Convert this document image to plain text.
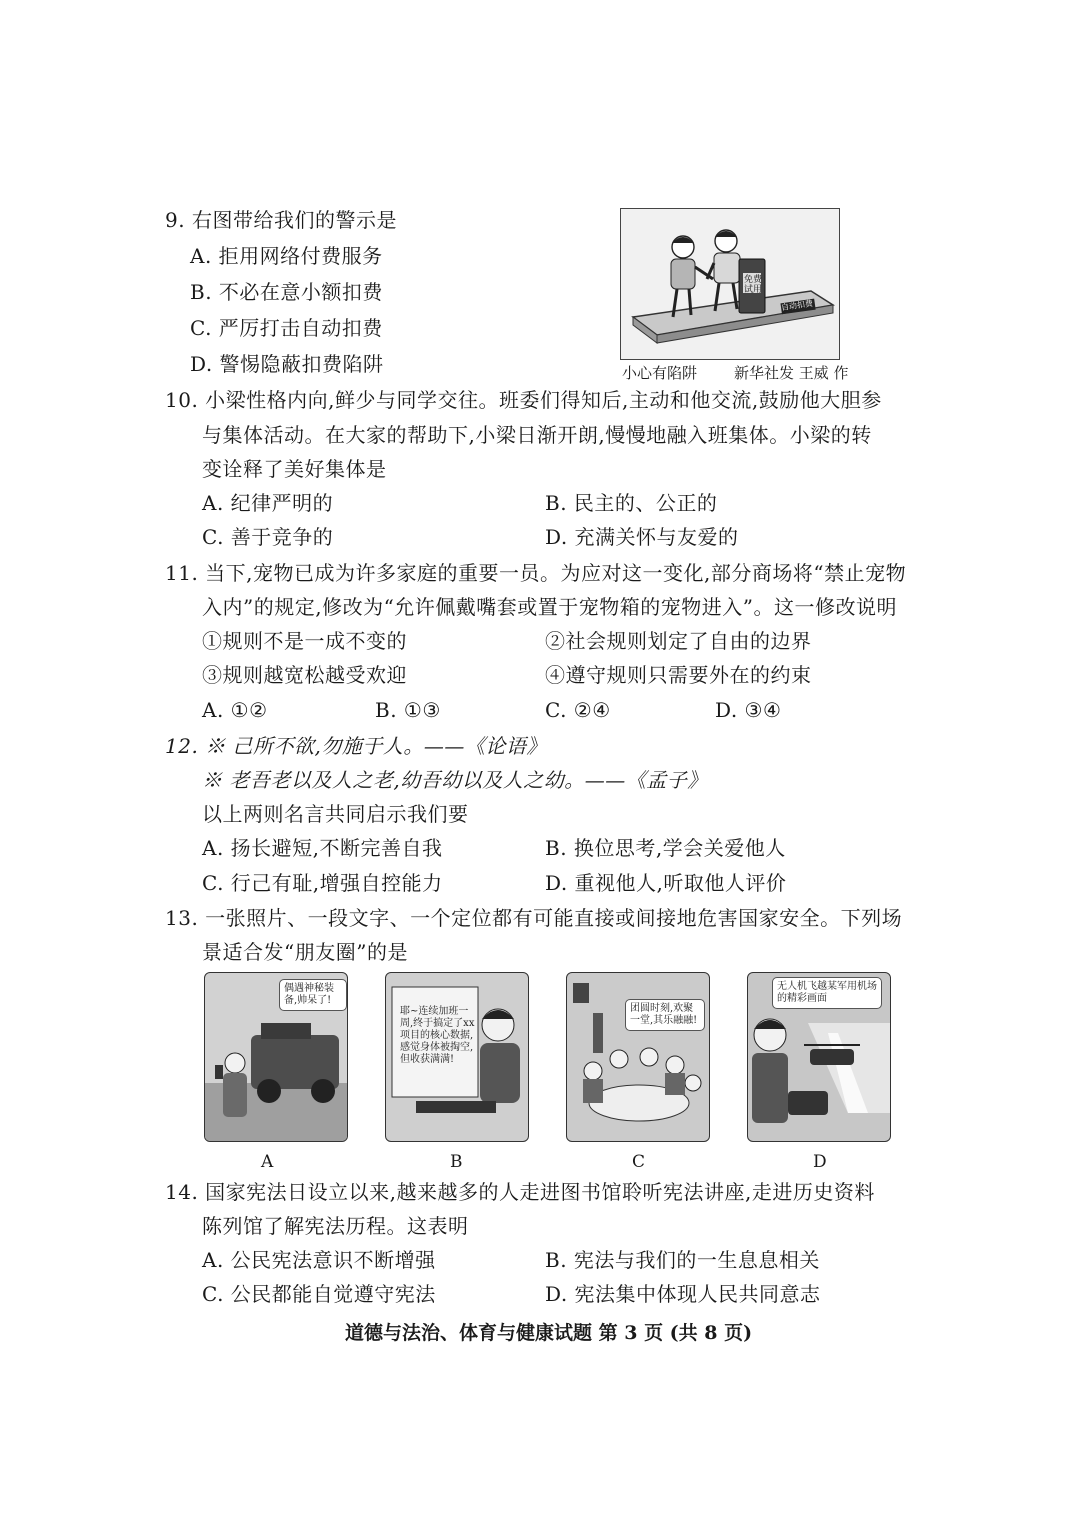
9. 右图带给我们的警示是
A. 拒用网络付费服务
B. 不必在意小额扣费
C. 严厉打击自动扣费
D. 警惕隐蔽扣费陷阱
免费试用
自动扣费
小心有陷阱 新华社发 王威 作
10. 小梁性格内向,鲜少与同学交往。班委们得知后,主动和他交流,鼓励他大胆参
与集体活动。在大家的帮助下,小梁日渐开朗,慢慢地融入班集体。小梁的转
变诠释了美好集体是
A. 纪律严明的	B. 民主的、公正的
C. 善于竞争的	D. 充满关怀与友爱的
11. 当下,宠物已成为许多家庭的重要一员。为应对这一变化,部分商场将“禁止宠物
入内”的规定,修改为“允许佩戴嘴套或置于宠物箱的宠物进入”。这一修改说明
①规则不是一成不变的	②社会规则划定了自由的边界
③规则越宽松越受欢迎	④遵守规则只需要外在的约束
A. ①②	B. ①③	C. ②④	D. ③④
12. ※ 己所不欲,勿施于人。——《论语》
※ 老吾老以及人之老,幼吾幼以及人之幼。——《孟子》
以上两则名言共同启示我们要
A. 扬长避短,不断完善自我	B. 换位思考,学会关爱他人
C. 行己有耻,增强自控能力	D. 重视他人,听取他人评价
13. 一张照片、一段文字、一个定位都有可能直接或间接地危害国家安全。下列场
景适合发“朋友圈”的是
偶遇神秘装备,帅呆了!
耶~连续加班一周,终于搞定了xx项目的核心数据,感觉身体被掏空,但收获满满!
团圆时刻,欢聚一堂,其乐融融!
无人机飞越某军用机场的精彩画面
A	B	C	D
14. 国家宪法日设立以来,越来越多的人走进图书馆聆听宪法讲座,走进历史资料
陈列馆了解宪法历程。这表明
A. 公民宪法意识不断增强	B. 宪法与我们的一生息息相关
C. 公民都能自觉遵守宪法	D. 宪法集中体现人民共同意志
道德与法治、体育与健康试题 第 3 页 (共 8 页)
